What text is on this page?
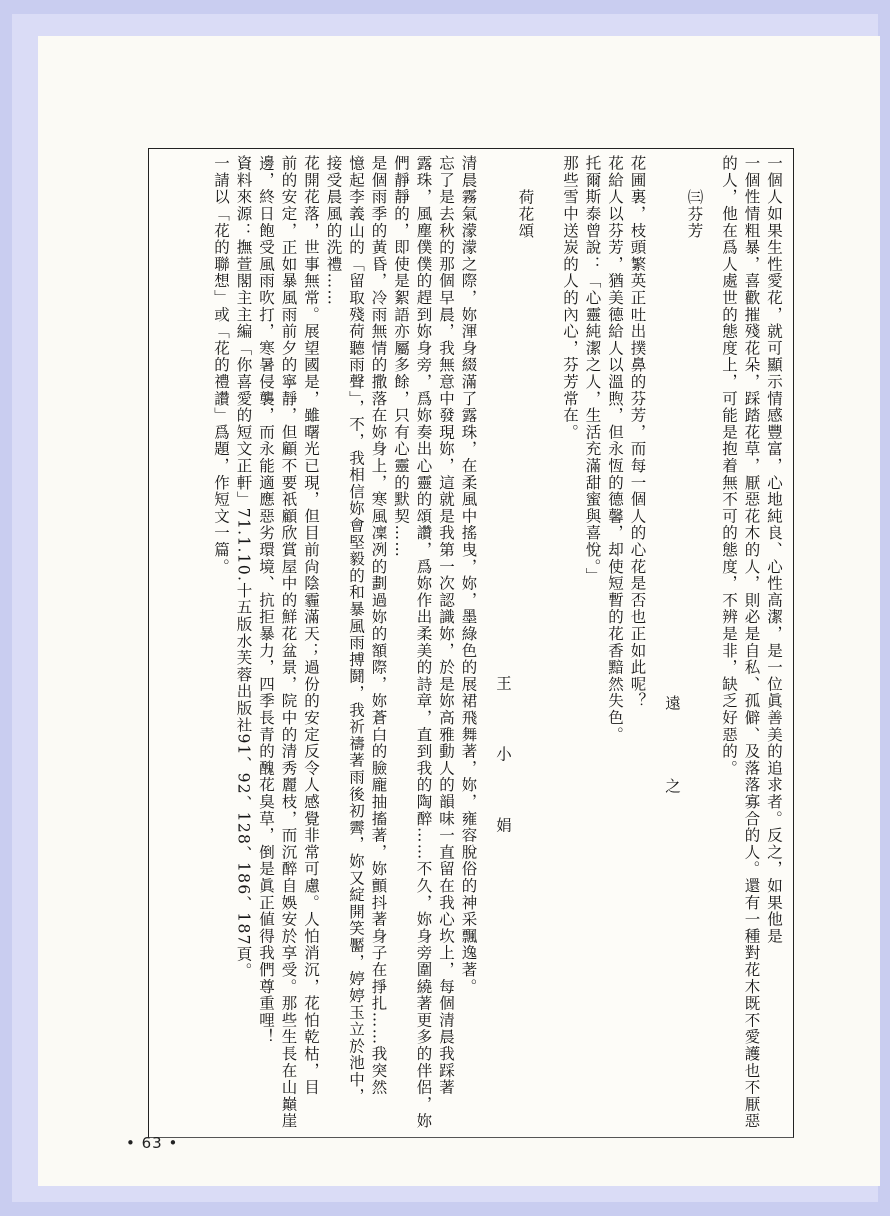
一個人如果生性愛花，就可顯示情感豐富，心地純良、心性高潔，是一位眞善美的追求者。反之，如果他是
一個性情粗暴，喜歡摧殘花朵，踩踏花草，厭惡花木的人，則必是自私、孤僻、及落落寡合的人。還有一種對花木既不愛護也不厭惡
的人，他在爲人處世的態度上，可能是抱着無不可的態度，不辨是非，缺乏好惡的。
㈢芬芳
遠　之
花圃裏，枝頭繁英正吐出撲鼻的芬芳，而每一個人的心花是否也正如此呢？
花給人以芬芳，猶美德給人以溫煦，但永恆的德馨，却使短暫的花香黯然失色。
托爾斯泰曾說：「心靈純潔之人，生活充滿甜蜜與喜悅。」
那些雪中送炭的人的內心，芬芳常在。
荷花頌
王　小　娟
清晨霧氣濛濛之際，妳渾身綴滿了露珠，在柔風中搖曳，妳，墨綠色的展裙飛舞著，妳，雍容脫俗的神采飄逸著。
忘了是去秋的那個早晨，我無意中發現妳，這就是我第一次認識妳，於是妳高雅動人的韻味一直留在我心坎上，每個清晨我踩著
露珠，風塵僕僕的趕到妳身旁，爲妳奏出心靈的頌讚，爲妳作出柔美的詩章，直到我的陶醉……不久，妳身旁圍繞著更多的伴侶，妳
們靜靜的，即使是絮語亦屬多餘，只有心靈的默契……
是個雨季的黃昏，冷雨無情的撒落在妳身上，寒風凜冽的劃過妳的額際，妳蒼白的臉龐抽搐著，妳顫抖著身子在掙扎……我突然
憶起李義山的「留取殘荷聽雨聲」，不，我相信妳會堅毅的和暴風雨搏鬪，我祈禱著雨後初霽，妳又綻開笑靨，婷婷玉立於池中，
接受晨風的洗禮……
花開花落，世事無常。展望國是，雖曙光已現，但目前尙陰霾滿天；過份的安定反令人感覺非常可慮。人怕消沉，花怕乾枯，目
前的安定，正如暴風雨前夕的寧靜，但顧不要祇顧欣賞屋中的鮮花盆景，院中的清秀麗枝，而沉醉自娛安於享受。那些生長在山巔崖
邊，終日飽受風雨吹打，寒暑侵襲，而永能適應惡劣環境、抗拒暴力，四季長青的醜花臭草，倒是眞正値得我們尊重哩！
資料來源：撫萱閣主主編「你喜愛的短文正軒」71.1.10.十五版水芙蓉出版社91、92、128、186、187頁。
一請以「花的聯想」或「花的禮讚」爲題，作短文一篇。
• 63 •
